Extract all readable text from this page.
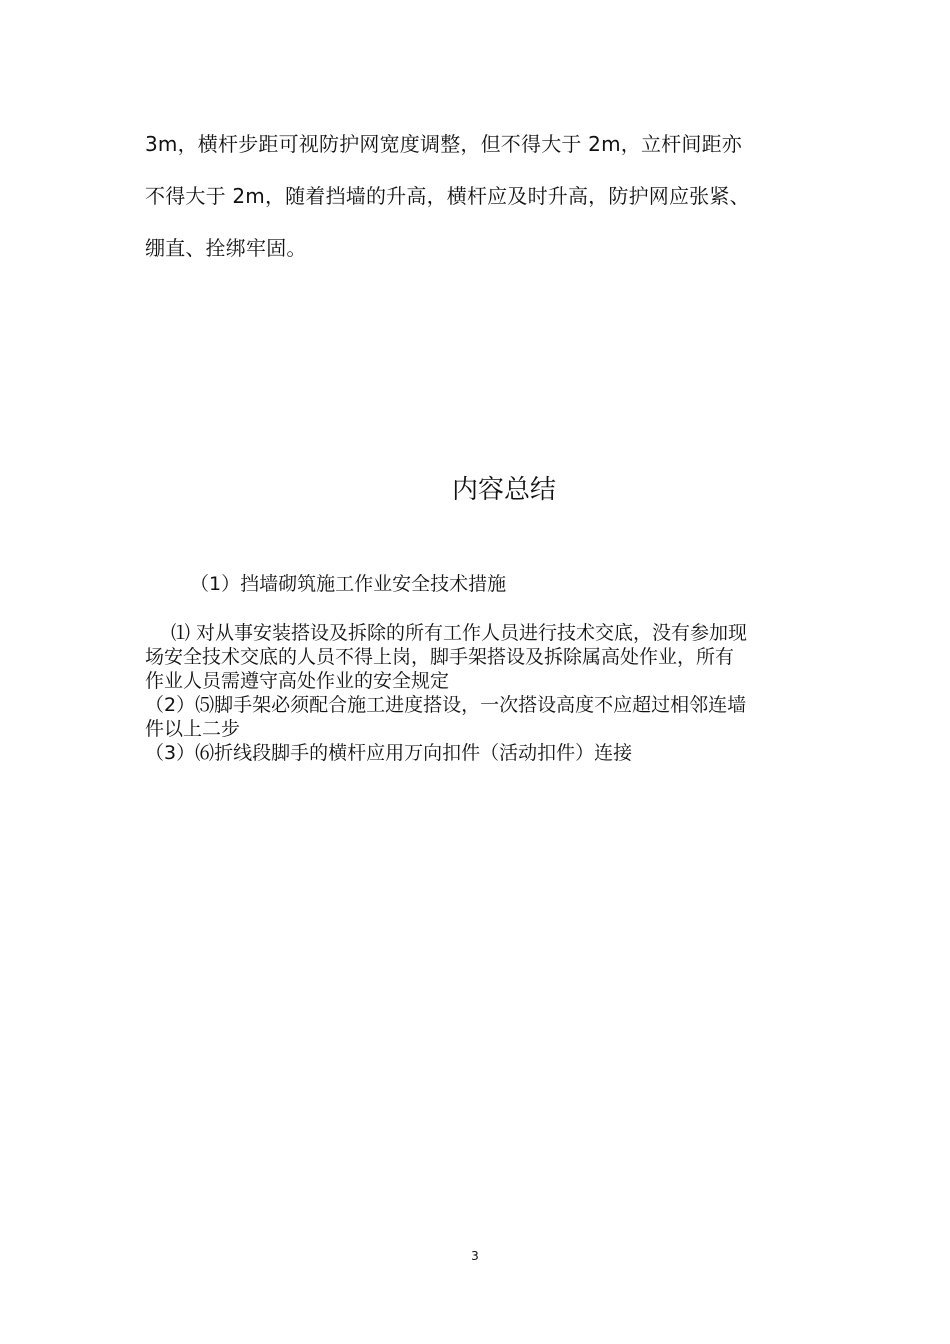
3m，横杆步距可视防护网宽度调整，但不得大于 2m，立杆间距亦
不得大于 2m，随着挡墙的升高，横杆应及时升高，防护网应张紧、
绷直、拴绑牢固。
内容总结
（1）挡墙砌筑施工作业安全技术措施
⑴ 对从事安装搭设及拆除的所有工作人员进行技术交底，没有参加现
场安全技术交底的人员不得上岗，脚手架搭设及拆除属高处作业，所有
作业人员需遵守高处作业的安全规定
（2）⑸脚手架必须配合施工进度搭设，一次搭设高度不应超过相邻连墙
件以上二步
（3）⑹折线段脚手的横杆应用万向扣件（活动扣件）连接
3
